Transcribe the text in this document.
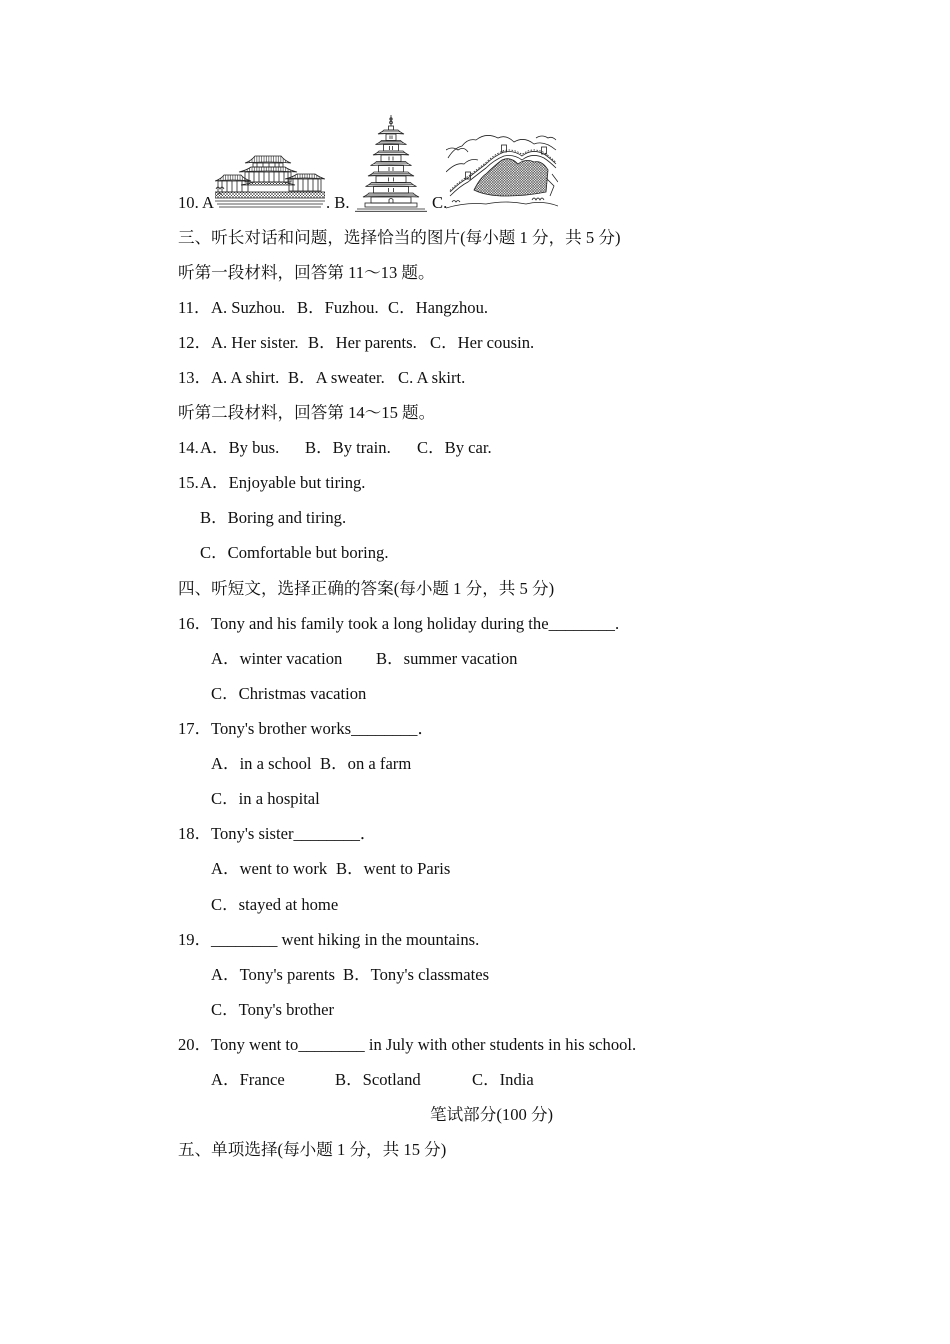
10. A	. B.	C.
三、听长对话和问题，选择恰当的图片(每小题 1 分，共 5 分)
听第一段材料，回答第 11～13 题。
11． A. Suzhou. B．Fuzhou. C．Hangzhou.
12． A. Her sister. B．Her parents. C．Her cousin.
13． A. A shirt. B．A sweater. C. A skirt.
听第二段材料，回答第 14～15 题。
14. A．By bus. B．By train. C．By car.
15. A．Enjoyable but tiring.
B．Boring and tiring.
C．Comfortable but boring.
四、听短文，选择正确的答案(每小题 1 分，共 5 分)
16． Tony and his family took a long holiday during the________.
A．winter vacation B．summer vacation
C．Christmas vacation
17． Tony's brother works________．
A．in a school B．on a farm
C．in a hospital
18． Tony's sister________．
A．went to work B．went to Paris
C．stayed at home
19． ________ went hiking in the mountains.
A．Tony's parents B．Tony's classmates
C．Tony's brother
20． Tony went to________ in July with other students in his school.
A．France	B．Scotland	C．India
笔试部分(100 分)
五、单项选择(每小题 1 分，共 15 分)
